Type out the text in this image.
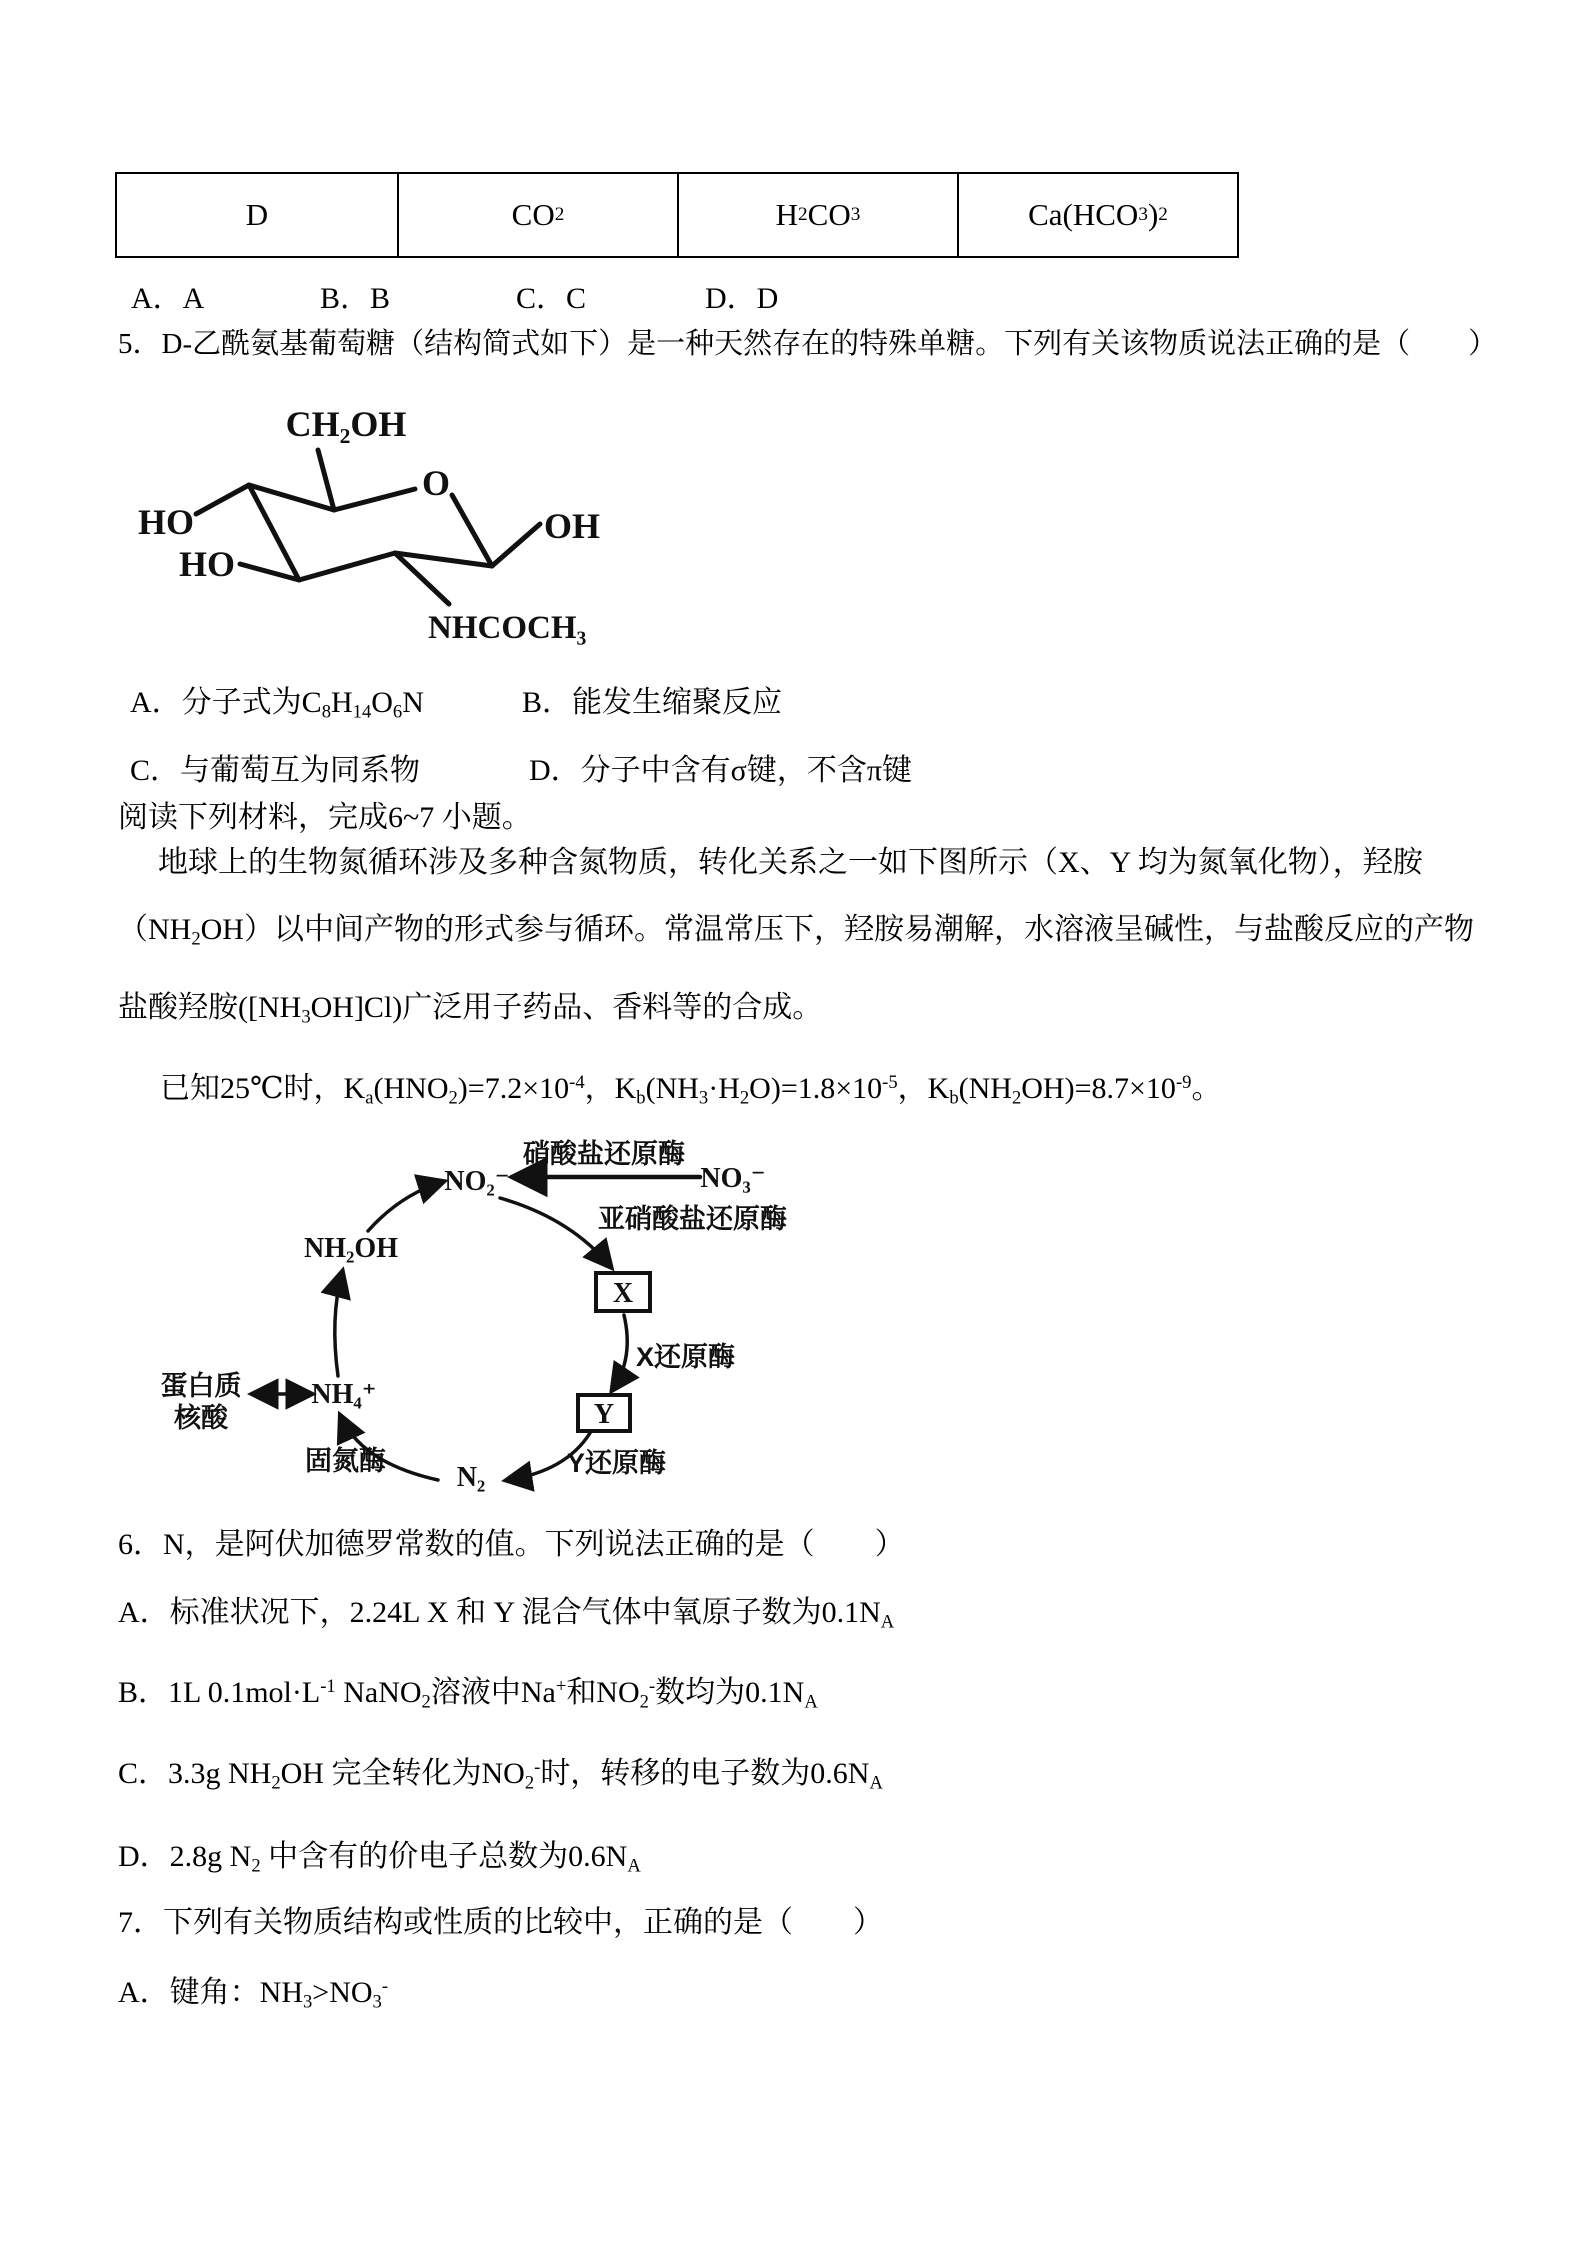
D	CO 2	H 2 CO 3	Ca(HCO 3 ) 2
A．A	B．B	C．C	D．D
5．D-乙酰氨基葡萄糖（结构简式如下）是一种天然存在的特殊单糖。下列有关该物质说法正确的是（　　）
CH₂OH
O
OH
HO
HO
NHCOCH₃
A．分子式为$C_8H_{14}O_6N$	B．能发生缩聚反应
C．与葡萄互为同系物	D．分子中含有σ键，不含π键
阅读下列材料，完成6~7 小题。
地球上的生物氮循环涉及多种含氮物质，转化关系之一如下图所示（X、Y 均为氮氧化物），羟胺
$(NH_2OH)$以中间产物的形式参与循环。常温常压下，羟胺易潮解，水溶液呈碱性，与盐酸反应的产物
盐酸羟胺$([NH_3OH]Cl)$广泛用子药品、香料等的合成。
已知25℃时，$K_a(HNO_2)=7.2\times 10^{-4}$，$K_b(NH_3\cdot H_2O)=1.8\times 10^{-5}$，$K_b(NH_2OH)=8.7\times 10^{-9}$。
NO₂⁻	NO₃⁻
NH₂OH
NH₄⁺
N₂
X
Y
蛋白质
核酸
硝酸盐还原酶
亚硝酸盐还原酶
X还原酶
Y还原酶
固氮酶
6．N，是阿伏加德罗常数的值。下列说法正确的是（　　）
A．标准状况下，2.24L X 和 Y 混合气体中氧原子数为$0.1N_A$
B．1L $0.1mol\cdot L^{-1}$ NaNO$_2$溶液中Na+和$NO_2^-$数均为$0.1N_A$
C．3.3g $NH_2OH$ 完全转化为$NO_2^-$时，转移的电子数为$0.6N_A$
D．2.8g $N_2$ 中含有的价电子总数为$0.6N_A$
7．下列有关物质结构或性质的比较中，正确的是（　　）
A．键角：$NH_3>NO_3^-$
